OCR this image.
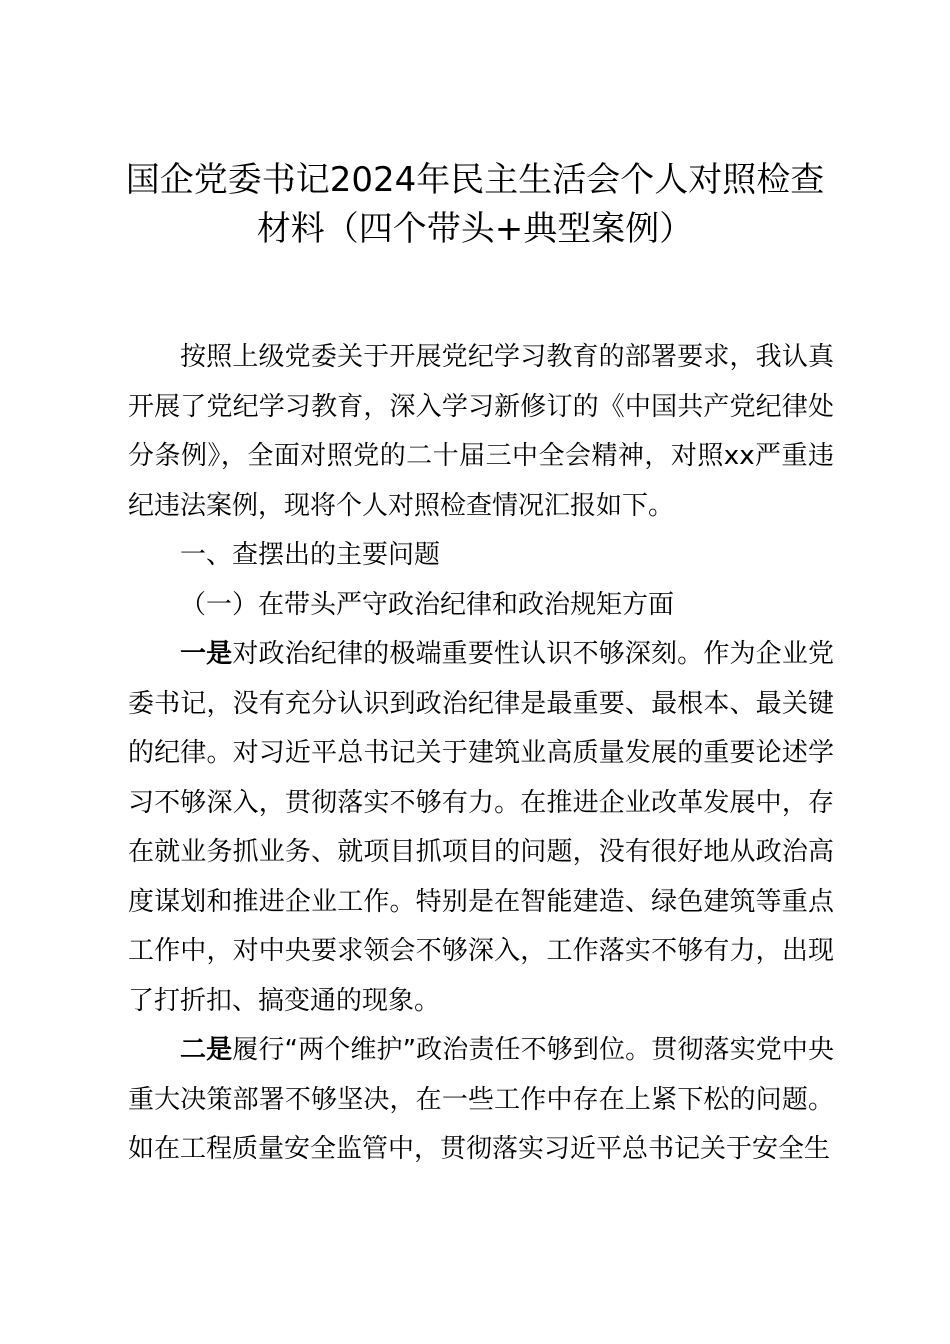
国企党委书记2024年民主生活会个人对照检查材料（四个带头+典型案例）

按照上级党委关于开展党纪学习教育的部署要求，我认真开展了党纪学习教育，深入学习新修订的《中国共产党纪律处分条例》，全面对照党的二十届三中全会精神，对照xx严重违纪违法案例，现将个人对照检查情况汇报如下。

一、查摆出的主要问题

（一）在带头严守政治纪律和政治规矩方面

一是对政治纪律的极端重要性认识不够深刻。作为企业党委书记，没有充分认识到政治纪律是最重要、最根本、最关键的纪律。对习近平总书记关于建筑业高质量发展的重要论述学习不够深入，贯彻落实不够有力。在推进企业改革发展中，存在就业务抓业务、就项目抓项目的问题，没有很好地从政治高度谋划和推进企业工作。特别是在智能建造、绿色建筑等重点工作中，对中央要求领会不够深入，工作落实不够有力，出现了打折扣、搞变通的现象。

二是履行“两个维护”政治责任不够到位。贯彻落实党中央重大决策部署不够坚决，在一些工作中存在上紧下松的问题。如在工程质量安全监管中，贯彻落实习近平总书记关于安全生
